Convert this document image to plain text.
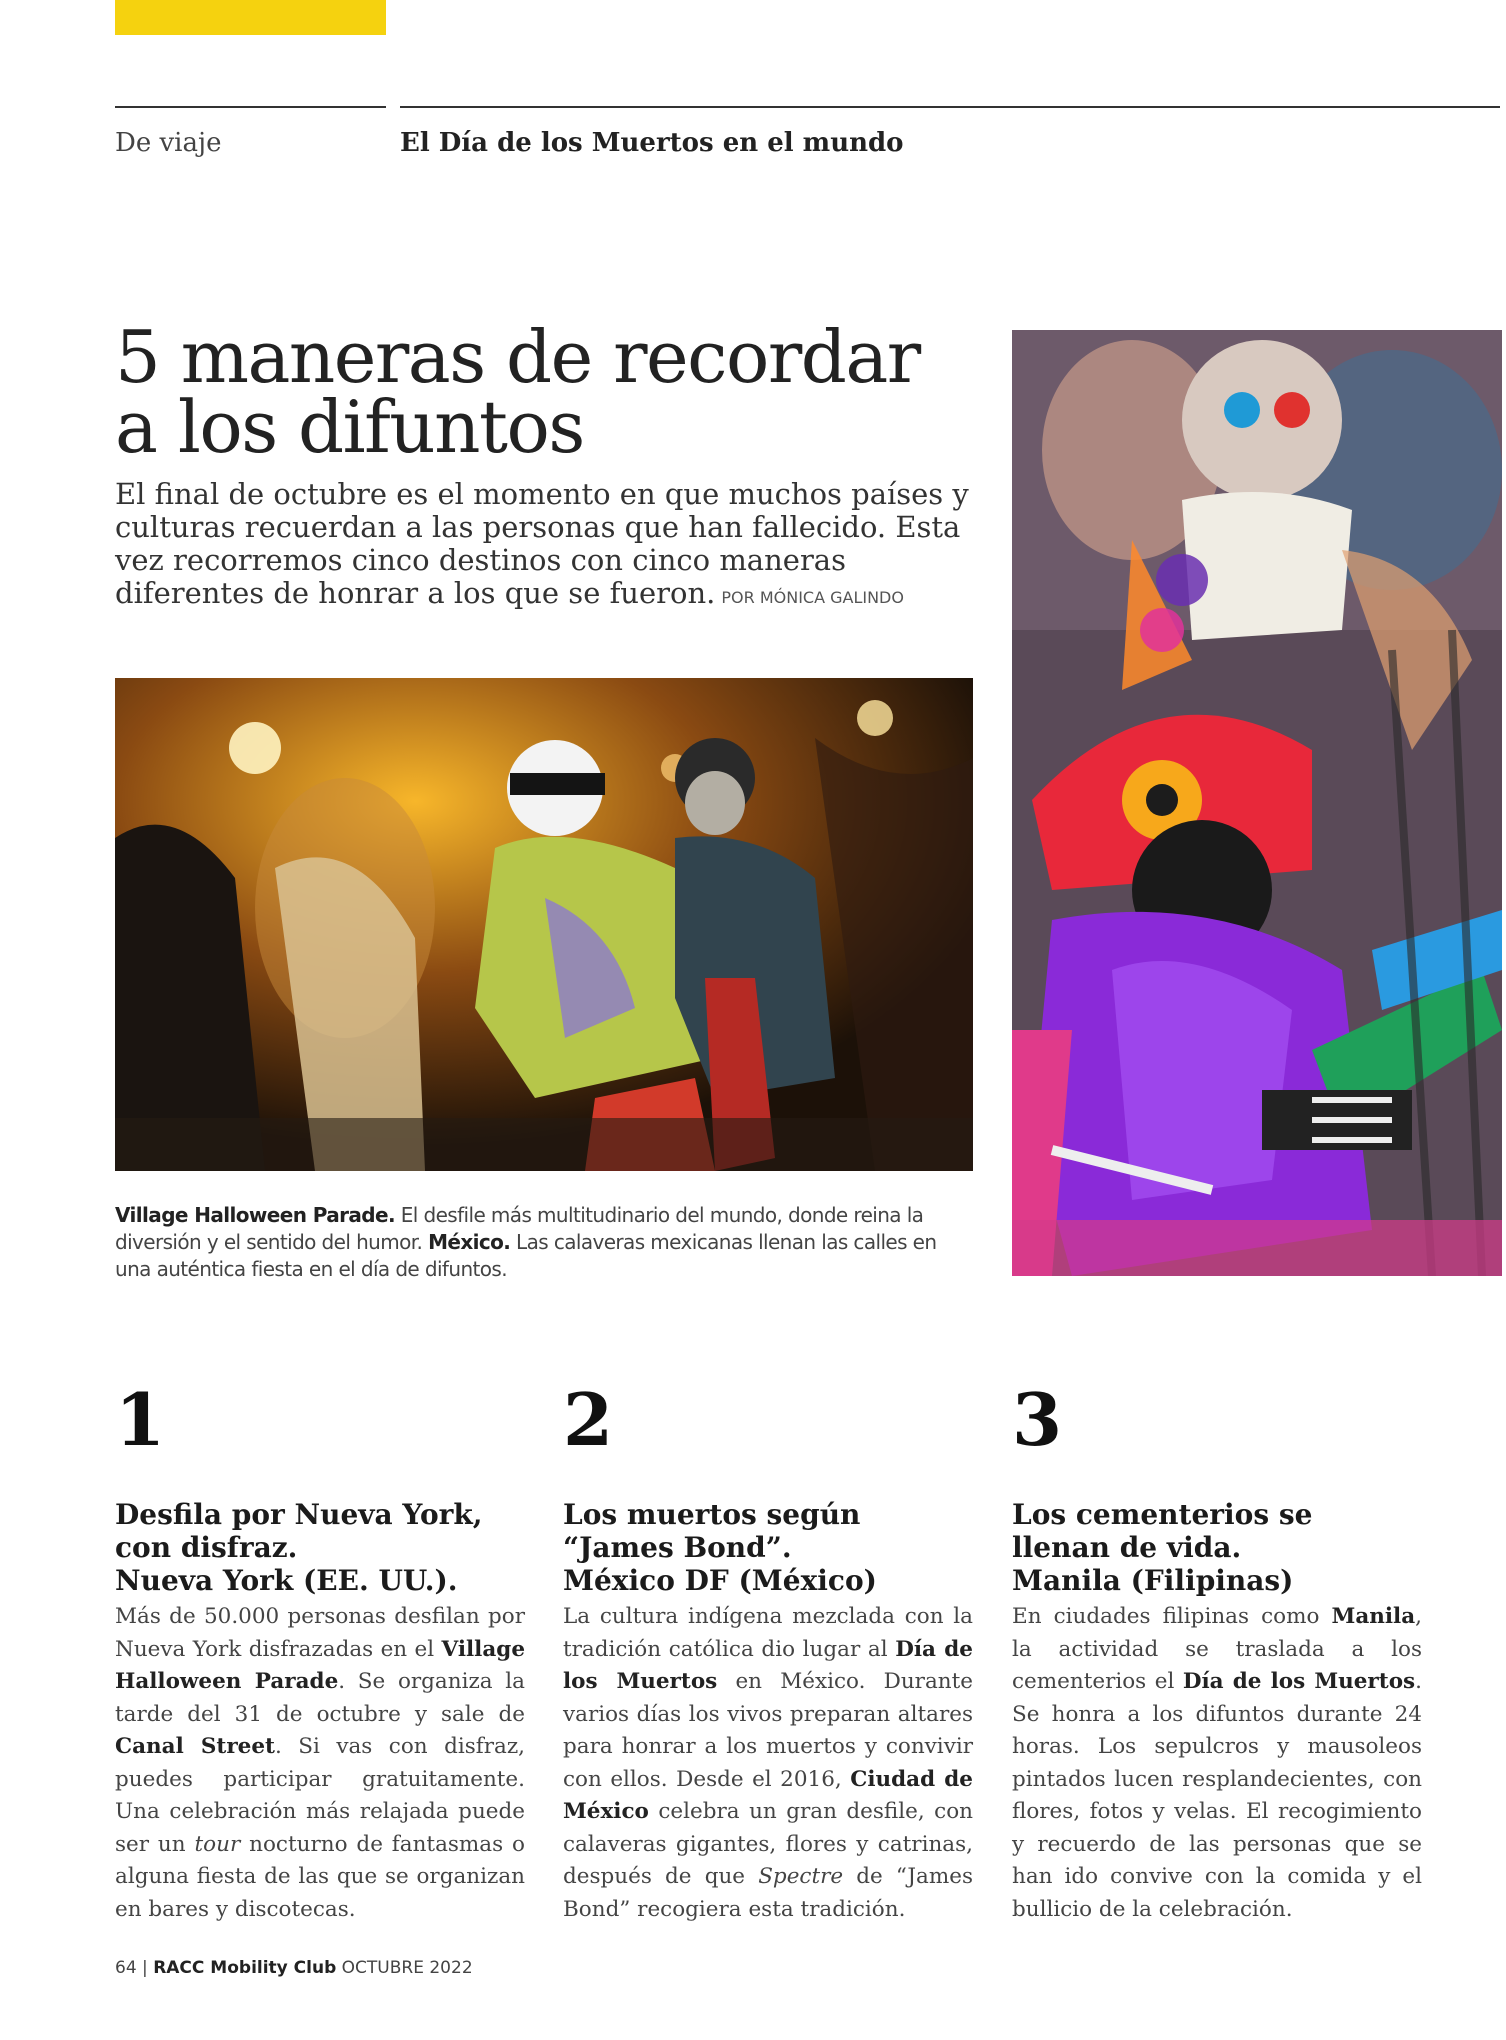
De viaje	El Día de los Muertos en el mundo
5 maneras de recordar
a los difuntos
El final de octubre es el momento en que muchos países y culturas recuerdan a las personas que han fallecido. Esta vez recorremos cinco destinos con cinco maneras diferentes de honrar a los que se fueron. POR MÓNICA GALINDO
Village Halloween Parade. El desfile más multitudinario del mundo, donde reina la diversión y el sentido del humor. México. Las calaveras mexicanas llenan las calles en una auténtica fiesta en el día de difuntos.
1
Desfila por Nueva York,
con disfraz.
Nueva York (EE. UU.).

Más de 50.000 personas desfilan por Nueva York disfrazadas en el Village Halloween Parade. Se organiza la tarde del 31 de octubre y sale de Canal Street. Si vas con disfraz, puedes participar gratuitamente. Una celebración más relajada puede ser un tour nocturno de fantasmas o alguna fiesta de las que se organizan en bares y discotecas.

2
Los muertos según
“James Bond”.
México DF (México)

La cultura indígena mezclada con la tradición católica dio lugar al Día de los Muertos en México. Durante varios días los vivos preparan altares para honrar a los muertos y convivir con ellos. Desde el 2016, Ciudad de México celebra un gran desfile, con calaveras gigantes, flores y catrinas, después de que Spectre de “James Bond” recogiera esta tradición.

3
Los cementerios se
llenan de vida.
Manila (Filipinas)

En ciudades filipinas como Manila, la actividad se traslada a los cementerios el Día de los Muertos. Se honra a los difuntos durante 24 horas. Los sepulcros y mausoleos pintados lucen resplandecientes, con flores, fotos y velas. El recogimiento y recuerdo de las personas que se han ido convive con la comida y el bullicio de la celebración.

64 | RACC Mobility Club OCTUBRE 2022
